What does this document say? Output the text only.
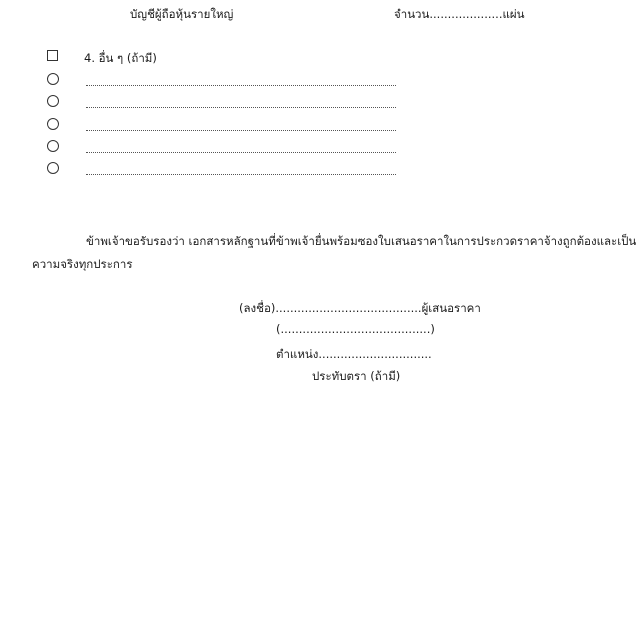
บัญชีผู้ถือหุ้นรายใหญ่	จำนวน....................แผ่น
4. อื่น ๆ (ถ้ามี)
ข้าพเจ้าขอรับรองว่า เอกสารหลักฐานที่ข้าพเจ้ายื่นพร้อมซองใบเสนอราคาในการประกวดราคาจ้างถูกต้องและเป็น
ความจริงทุกประการ
(ลงชื่อ)........................................ผู้เสนอราคา
(.........................................)
ตำแหน่ง...............................
ประทับตรา (ถ้ามี)
